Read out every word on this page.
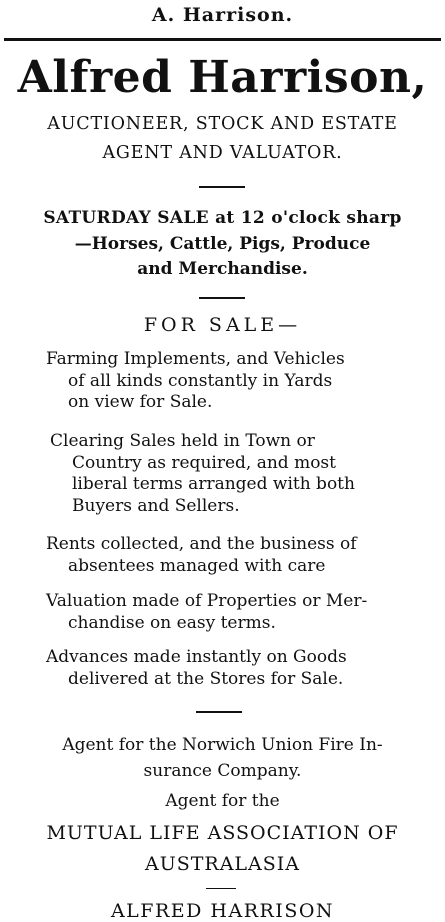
A. Harrison.
Alfred Harrison,
AUCTIONEER, STOCK AND ESTATE
AGENT AND VALUATOR.
SATURDAY SALE at 12 o'clock sharp
—Horses, Cattle, Pigs, Produce
and Merchandise.
FOR SALE—
Farming Implements, and Vehicles
of all kinds constantly in Yards
on view for Sale.
Clearing Sales held in Town or
Country as required, and most
liberal terms arranged with both
Buyers and Sellers.
Rents collected, and the business of
absentees managed with care
Valuation made of Properties or Mer-
chandise on easy terms.
Advances made instantly on Goods
delivered at the Stores for Sale.
Agent for the Norwich Union Fire In-
surance Company.
Agent for the
MUTUAL LIFE ASSOCIATION OF
AUSTRALASIA
ALFRED HARRISON
